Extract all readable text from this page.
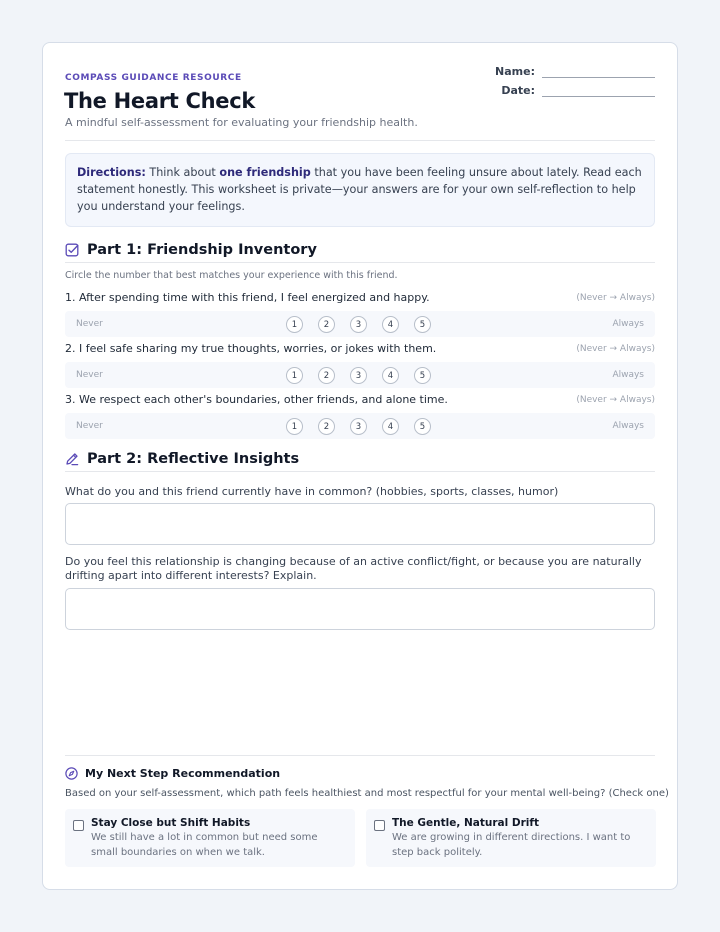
COMPASS GUIDANCE RESOURCE
The Heart Check
A mindful self-assessment for evaluating your friendship health.
Name:
Date:
Directions: Think about one friendship that you have been feeling unsure about lately. Read each statement honestly. This worksheet is private—your answers are for your own self-reflection to help you understand your feelings.
Part 1: Friendship Inventory
Circle the number that best matches your experience with this friend.
1. After spending time with this friend, I feel energized and happy.	(Never → Always)
Never	1	2	3	4	5	Always
2. I feel safe sharing my true thoughts, worries, or jokes with them.	(Never → Always)
Never	1	2	3	4	5	Always
3. We respect each other's boundaries, other friends, and alone time.	(Never → Always)
Never	1	2	3	4	5	Always
Part 2: Reflective Insights
What do you and this friend currently have in common? (hobbies, sports, classes, humor)
Do you feel this relationship is changing because of an active conflict/fight, or because you are naturally drifting apart into different interests? Explain.
My Next Step Recommendation
Based on your self-assessment, which path feels healthiest and most respectful for your mental well-being? (Check one)
Stay Close but Shift Habits
We still have a lot in common but need some small boundaries on when we talk.
The Gentle, Natural Drift
We are growing in different directions. I want to step back politely.
